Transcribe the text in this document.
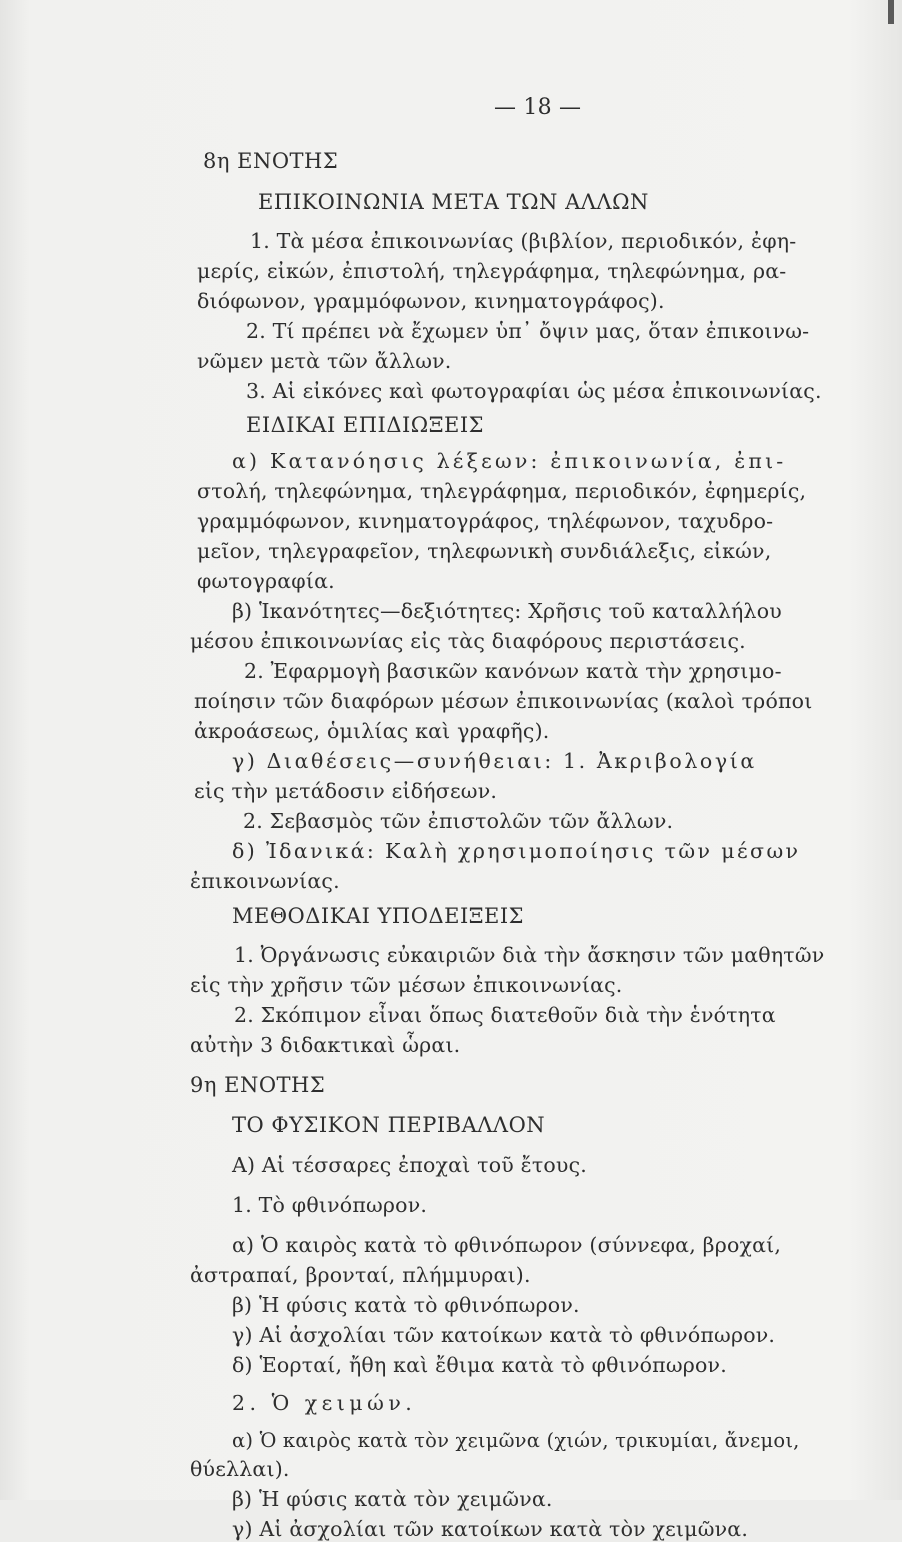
— 18 —
8η ΕΝΟΤΗΣ
ΕΠΙΚΟΙΝΩΝΙΑ ΜΕΤΑ ΤΩΝ ΑΛΛΩΝ
1. Τὰ μέσα ἐπικοινωνίας (βιβλίον, περιοδικόν, ἐφη-
μερίς, εἰκών, ἐπιστολή, τηλεγράφημα, τηλεφώνημα, ρα-
διόφωνον, γραμμόφωνον, κινηματογράφος).
2. Τί πρέπει νὰ ἔχωμεν ὑπ᾿ ὄψιν μας, ὅταν ἐπικοινω-
νῶμεν μετὰ τῶν ἄλλων.
3. Αἱ εἰκόνες καὶ φωτογραφίαι ὡς μέσα ἐπικοινωνίας.
ΕΙΔΙΚΑΙ ΕΠΙΔΙΩΞΕΙΣ
α) Κατανόησις λέξεων: ἐπικοινωνία, ἐπι-
στολή, τηλεφώνημα, τηλεγράφημα, περιοδικόν, ἐφημερίς,
γραμμόφωνον, κινηματογράφος, τηλέφωνον, ταχυδρο-
μεῖον, τηλεγραφεῖον, τηλεφωνικὴ συνδιάλεξις, εἰκών,
φωτογραφία.
β) Ἱκανότητες—δεξιότητες: Χρῆσις τοῦ καταλλήλου
μέσου ἐπικοινωνίας εἰς τὰς διαφόρους περιστάσεις.
2. Ἐφαρμογὴ βασικῶν κανόνων κατὰ τὴν χρησιμο-
ποίησιν τῶν διαφόρων μέσων ἐπικοινωνίας (καλοὶ τρόποι
ἀκροάσεως, ὁμιλίας καὶ γραφῆς).
γ) Διαθέσεις—συνήθειαι: 1. Ἀκριβολογία
εἰς τὴν μετάδοσιν εἰδήσεων.
2. Σεβασμὸς τῶν ἐπιστολῶν τῶν ἄλλων.
δ) Ἰδανικά: Καλὴ χρησιμοποίησις τῶν μέσων
ἐπικοινωνίας.
ΜΕΘΟΔΙΚΑΙ ΥΠΟΔΕΙΞΕΙΣ
1. Ὀργάνωσις εὐκαιριῶν διὰ τὴν ἄσκησιν τῶν μαθητῶν
εἰς τὴν χρῆσιν τῶν μέσων ἐπικοινωνίας.
2. Σκόπιμον εἶναι ὅπως διατεθοῦν διὰ τὴν ἑνότητα
αὐτὴν 3 διδακτικαὶ ὧραι.
9η ΕΝΟΤΗΣ
ΤΟ ΦΥΣΙΚΟΝ ΠΕΡΙΒΑΛΛΟΝ
Α) Αἱ τέσσαρες ἐποχαὶ τοῦ ἔτους.
1. Τὸ φθινόπωρον.
α) Ὁ καιρὸς κατὰ τὸ φθινόπωρον (σύννεφα, βροχαί,
ἀστραπαί, βρονταί, πλήμμυραι).
β) Ἡ φύσις κατὰ τὸ φθινόπωρον.
γ) Αἱ ἀσχολίαι τῶν κατοίκων κατὰ τὸ φθινόπωρον.
δ) Ἑορταί, ἤθη καὶ ἔθιμα κατὰ τὸ φθινόπωρον.
2. Ὁ χειμών.
α) Ὁ καιρὸς κατὰ τὸν χειμῶνα (χιών, τρικυμίαι, ἄνεμοι,
θύελλαι).
β) Ἡ φύσις κατὰ τὸν χειμῶνα.
γ) Αἱ ἀσχολίαι τῶν κατοίκων κατὰ τὸν χειμῶνα.
